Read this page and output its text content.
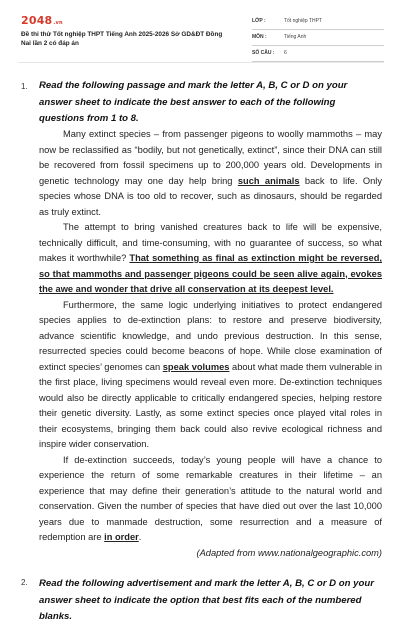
2048.vn
Đề thi thử Tốt nghiệp THPT Tiếng Anh 2025-2026 Sở GD&ĐT Đồng Nai lần 2 có đáp án
LỚP :	Tốt nghiệp THPT
MÔN :	Tiếng Anh
SỐ CÂU : 6
1. Read the following passage and mark the letter A, B, C or D on your answer sheet to indicate the best answer to each of the following questions from 1 to 8.

Many extinct species – from passenger pigeons to woolly mammoths – may now be reclassified as “bodily, but not genetically, extinct”, since their DNA can still be recovered from fossil specimens up to 200,000 years old. Developments in genetic technology may one day help bring such animals back to life. Only species whose DNA is too old to recover, such as dinosaurs, should be regarded as truly extinct.

The attempt to bring vanished creatures back to life will be expensive, technically difficult, and time-consuming, with no guarantee of success, so what makes it worthwhile? That something as final as extinction might be reversed, so that mammoths and passenger pigeons could be seen alive again, evokes the awe and wonder that drive all conservation at its deepest level.

Furthermore, the same logic underlying initiatives to protect endangered species applies to de-extinction plans: to restore and preserve biodiversity, advance scientific knowledge, and undo previous destruction. In this sense, resurrected species could become beacons of hope. While close examination of extinct species’ genomes can speak volumes about what made them vulnerable in the first place, living specimens would reveal even more. De-extinction techniques would also be directly applicable to critically endangered species, helping restore their genetic diversity. Lastly, as some extinct species once played vital roles in their ecosystems, bringing them back could also revive ecological richness and inspire wider conservation.

If de-extinction succeeds, today’s young people will have a chance to experience the return of some remarkable creatures in their lifetime – an experience that may define their generation’s attitude to the natural world and conservation. Given the number of species that have died out over the last 10,000 years due to manmade destruction, some resurrection and a measure of redemption are in order.

(Adapted from www.nationalgeographic.com)

2. Read the following advertisement and mark the letter A, B, C or D on your answer sheet to indicate the option that best fits each of the numbered blanks.
